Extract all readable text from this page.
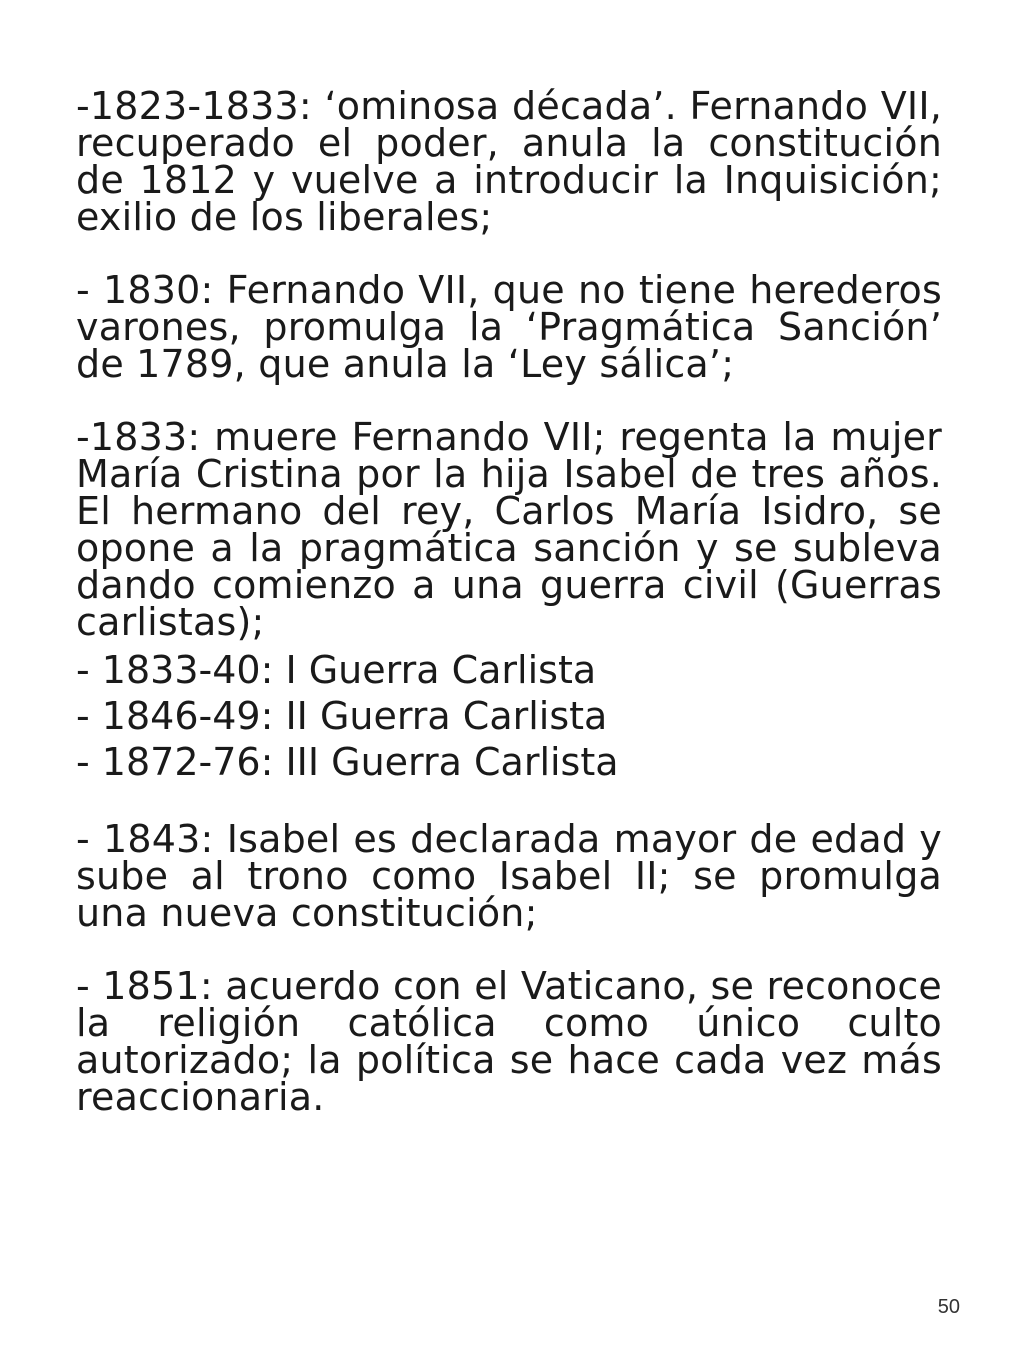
-1823-1833: ‘ominosa década’. Fernando VII, recuperado el poder, anula la constitución de 1812 y vuelve a introducir la Inquisición; exilio de los liberales;

- 1830: Fernando VII, que no tiene herederos varones, promulga la ‘Pragmática Sanción’ de 1789, que anula la ‘Ley sálica’;

-1833: muere Fernando VII; regenta la mujer María Cristina por la hija Isabel de tres años. El hermano del rey, Carlos María Isidro, se opone a la pragmática sanción y se subleva dando comienzo a una guerra civil (Guerras carlistas);

- 1833-40: I Guerra Carlista

- 1846-49: II Guerra Carlista

- 1872-76: III Guerra Carlista

- 1843: Isabel es declarada mayor de edad y sube al trono como Isabel II; se promulga una nueva constitución;

- 1851: acuerdo con el Vaticano, se reconoce la religión católica como único culto autorizado; la política se hace cada vez más reaccionaria.

50
